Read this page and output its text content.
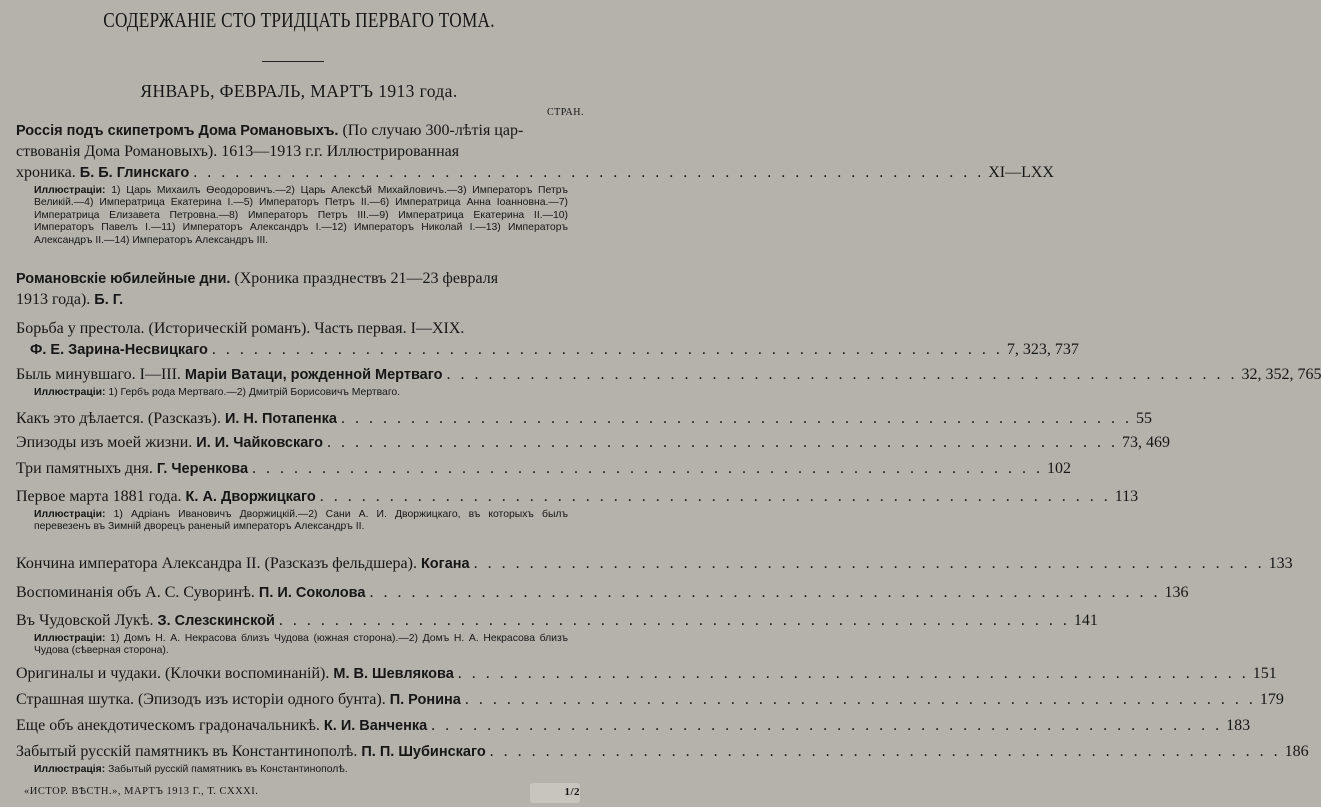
СОДЕРЖАНІЕ СТО ТРИДЦАТЬ ПЕРВАГО ТОМА.
ЯНВАРЬ, ФЕВРАЛЬ, МАРТЪ 1913 года.
СТРАН.
Россія подъ скипетромъ Дома Романовыхъ. (По случаю 300-лѣтія цар-
ствованія Дома Романовыхъ). 1613—1913 г.г. Иллюстрированная
хроника. Б. Б. Глинскаго . . .	XI—LXX
Иллюстраціи: 1) Царь Михаилъ Ѳеодоровичъ.—2) Царь Алексѣй Михайловичъ.—3) Императоръ Петръ Великій.—4) Императрица Екатерина I.—5) Императоръ Петръ II.—6) Императрица Анна Іоанновна.—7) Императрица Елизавета Петровна.—8) Императоръ Петръ III.—9) Императрица Екатерина II.—10) Императоръ Павелъ I.—11) Императоръ Александръ I.—12) Императоръ Николай I.—13) Императоръ Александръ II.—14) Императоръ Александръ III.
Романовскіе юбилейные дни. (Хроника празднествъ 21—23 февраля
1913 года). Б. Г.
Борьба у престола. (Историческій романъ). Часть первая. I—XIX.
Ф. Е. Зарина-Несвицкаго . . .	7, 323, 737
Быль минувшаго. I—III. Маріи Ватаци, рожденной Мертваго . . .	32, 352, 765
Иллюстраціи: 1) Гербъ рода Мертваго.—2) Дмитрій Борисовичъ Мертваго.
Какъ это дѣлается. (Разсказъ). И. Н. Потапенка . . .	55
Эпизоды изъ моей жизни. И. И. Чайковскаго . . .	73, 469
Три памятныхъ дня. Г. Черенкова . . .	102
Первое марта 1881 года. К. А. Дворжицкаго . . .	113
Иллюстраціи: 1) Адріанъ Ивановичъ Дворжицкій.—2) Сани А. И. Дворжицкаго, въ которыхъ былъ перевезенъ въ Зимній дворецъ раненый императоръ Александръ II.
Кончина императора Александра II. (Разсказъ фельдшера). Когана . . .	133
Воспоминанія объ А. С. Суворинѣ. П. И. Соколова . . .	136
Въ Чудовской Лукѣ. З. Слезскинской . . .	141
Иллюстраціи: 1) Домъ Н. А. Некрасова близъ Чудова (южная сторона).—2) Домъ Н. А. Некрасова близъ Чудова (сѣверная сторона).
Оригиналы и чудаки. (Клочки воспоминаній). М. В. Шевлякова . . .	151
Страшная шутка. (Эпизодъ изъ исторіи одного бунта). П. Ронина . . .	179
Еще объ анекдотическомъ градоначальникѣ. К. И. Ванченка . . .	183
Забытый русскій памятникъ въ Константинополѣ. П. П. Шубинскаго . . .	186
Иллюстрація: Забытый русскій памятникъ въ Константинополѣ.
«ИСТОР. ВѢСТН.», МАРТЪ 1913 Г., Т. CXXXI.	1/2
